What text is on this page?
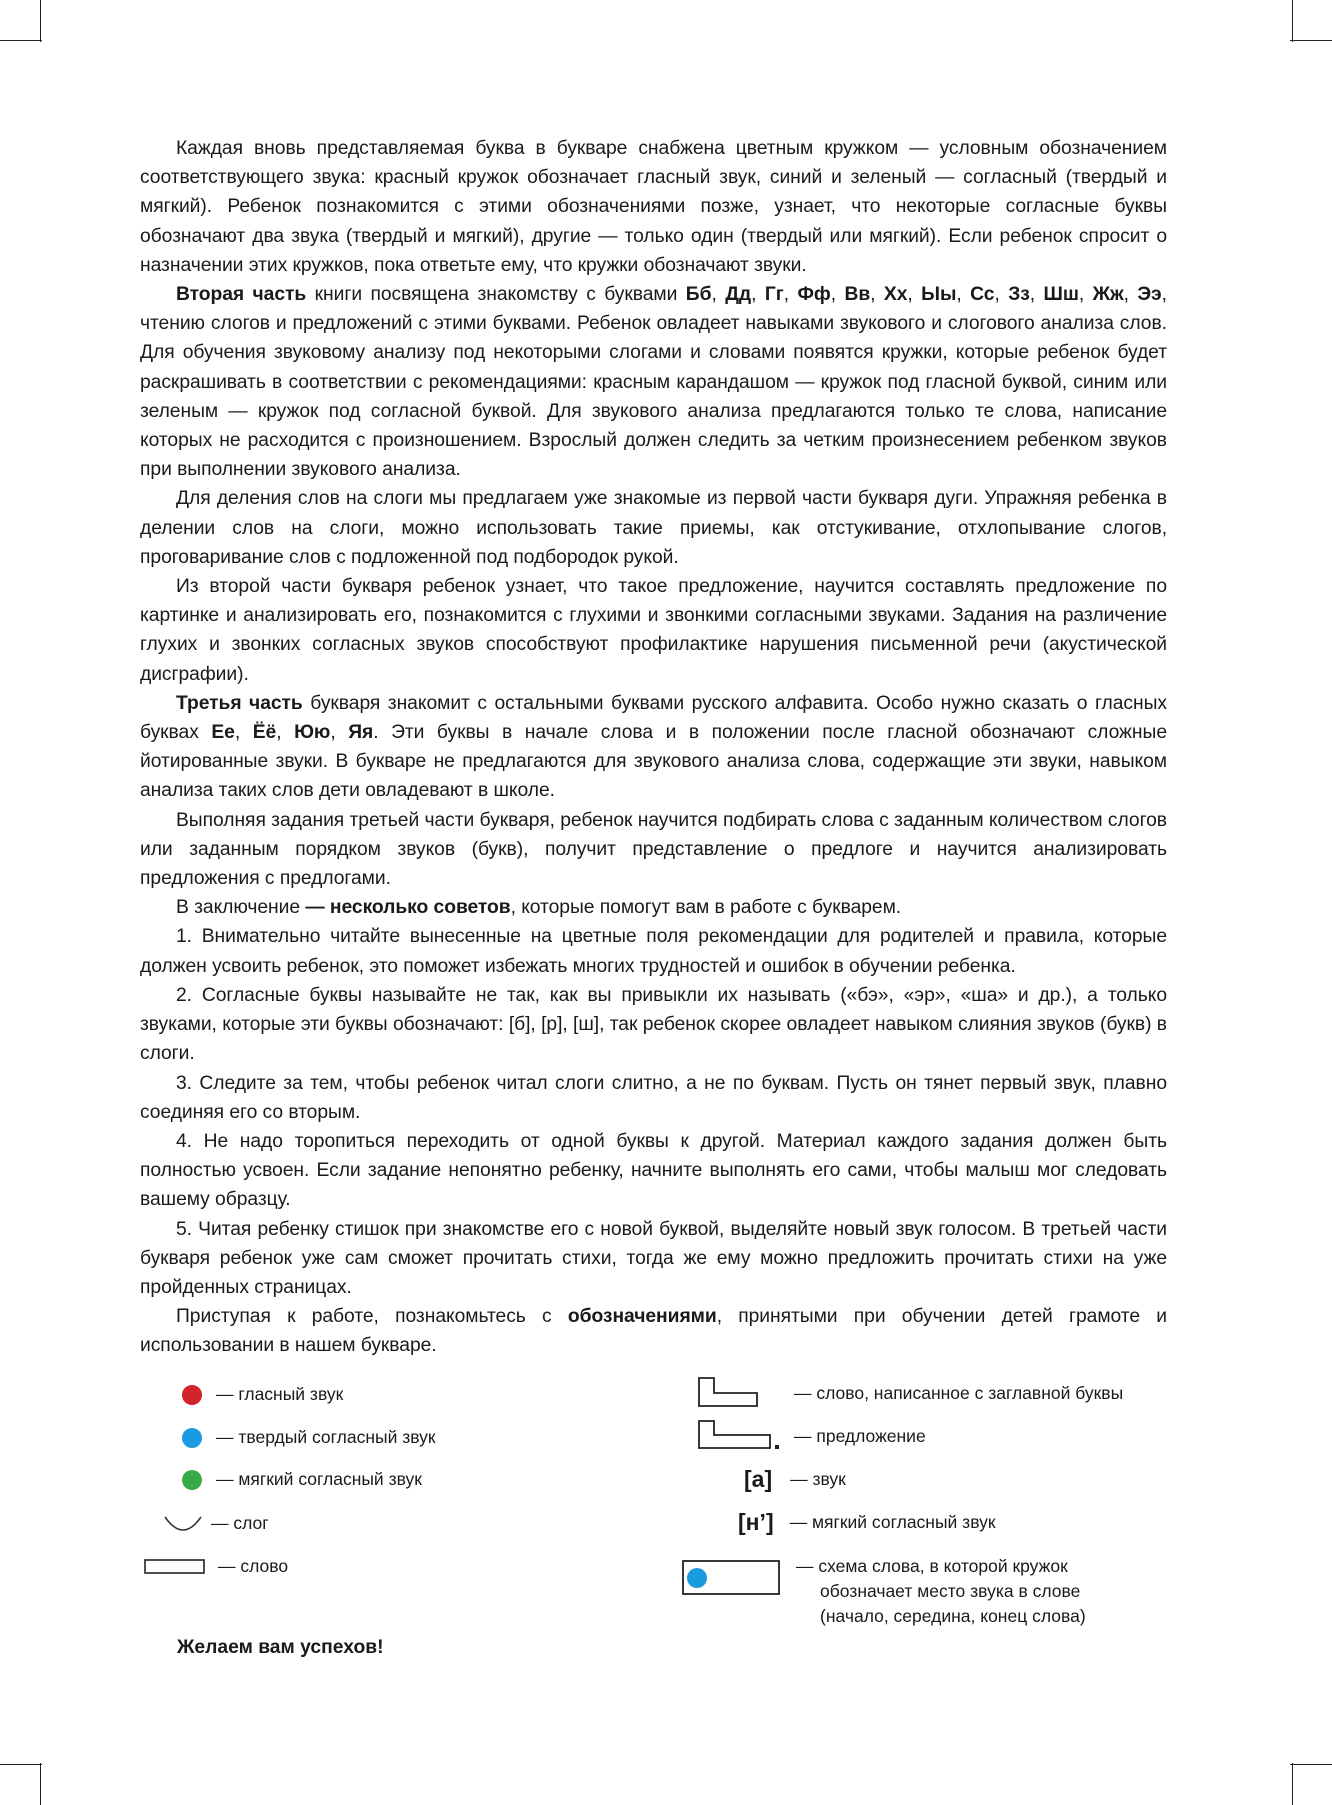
Каждая вновь представляемая буква в букваре снабжена цветным кружком — условным обозначением соответствующего звука: красный кружок обозначает гласный звук, синий и зеленый — согласный (твердый и мягкий). Ребенок познакомится с этими обозначениями позже, узнает, что некоторые согласные буквы обозначают два звука (твердый и мягкий), другие — только один (твердый или мягкий). Если ребенок спросит о назначении этих кружков, пока ответьте ему, что кружки обозначают звуки.

Вторая часть книги посвящена знакомству с буквами Бб, Дд, Гг, Фф, Вв, Хх, Ыы, Сс, Зз, Шш, Жж, Ээ, чтению слогов и предложений с этими буквами. Ребенок овладеет навыками звукового и слогового анализа слов. Для обучения звуковому анализу под некоторыми слогами и словами появятся кружки, которые ребенок будет раскрашивать в соответствии с рекомендациями: красным карандашом — кружок под гласной буквой, синим или зеленым — кружок под согласной буквой. Для звукового анализа предлагаются только те слова, написание которых не расходится с произношением. Взрослый должен следить за четким произнесением ребенком звуков при выполнении звукового анализа.

Для деления слов на слоги мы предлагаем уже знакомые из первой части букваря дуги. Упражняя ребенка в делении слов на слоги, можно использовать такие приемы, как отстукивание, отхлопывание слогов, проговаривание слов с подложенной под подбородок рукой.

Из второй части букваря ребенок узнает, что такое предложение, научится составлять предложение по картинке и анализировать его, познакомится с глухими и звонкими согласными звуками. Задания на различение глухих и звонких согласных звуков способствуют профилактике нарушения письменной речи (акустической дисграфии).

Третья часть букваря знакомит с остальными буквами русского алфавита. Особо нужно сказать о гласных буквах Ее, Ёё, Юю, Яя. Эти буквы в начале слова и в положении после гласной обозначают сложные йотированные звуки. В букваре не предлагаются для звукового анализа слова, содержащие эти звуки, навыком анализа таких слов дети овладевают в школе.

Выполняя задания третьей части букваря, ребенок научится подбирать слова с заданным количеством слогов или заданным порядком звуков (букв), получит представление о предлоге и научится анализировать предложения с предлогами.

В заключение — несколько советов, которые помогут вам в работе с букварем.

1. Внимательно читайте вынесенные на цветные поля рекомендации для родителей и правила, которые должен усвоить ребенок, это поможет избежать многих трудностей и ошибок в обучении ребенка.

2. Согласные буквы называйте не так, как вы привыкли их называть («бэ», «эр», «ша» и др.), а только звуками, которые эти буквы обозначают: [б], [р], [ш], так ребенок скорее овладеет навыком слияния звуков (букв) в слоги.

3. Следите за тем, чтобы ребенок читал слоги слитно, а не по буквам. Пусть он тянет первый звук, плавно соединяя его со вторым.

4. Не надо торопиться переходить от одной буквы к другой. Материал каждого задания должен быть полностью усвоен. Если задание непонятно ребенку, начните выполнять его сами, чтобы малыш мог следовать вашему образцу.

5. Читая ребенку стишок при знакомстве его с новой буквой, выделяйте новый звук голосом. В третьей части букваря ребенок уже сам сможет прочитать стихи, тогда же ему можно предложить прочитать стихи на уже пройденных страницах.

Приступая к работе, познакомьтесь с обозначениями, принятыми при обучении детей грамоте и использовании в нашем букваре.

— гласный звук
— твердый согласный звук
— мягкий согласный звук
— слог
— слово
— слово, написанное с заглавной буквы
— предложение
[а] — звук
[н’] — мягкий согласный звук
— схема слова, в которой кружок
обозначает место звука в слове
(начало, середина, конец слова)

Желаем вам успехов!
